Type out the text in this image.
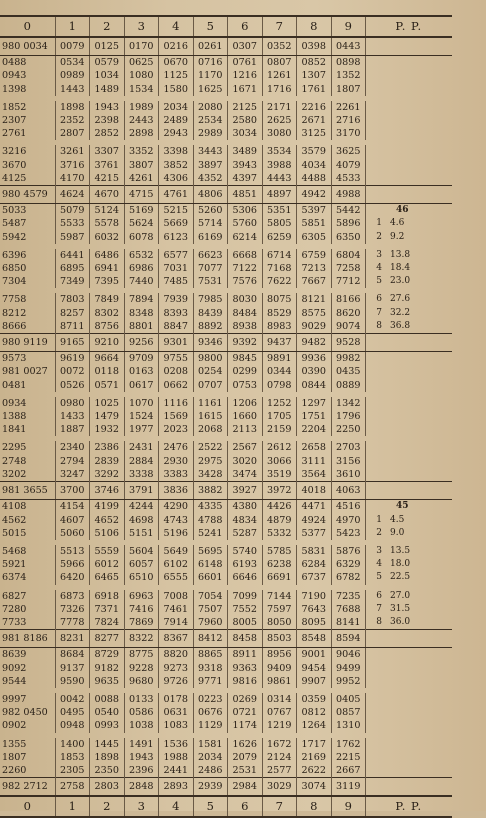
0	1	2	3	4	5	6	7	8	9	P. P.
980 0034	0079	0125	0170	0216	0261	0307	0352	0398	0443	
0488	0534	0579	0625	0670	0716	0761	0807	0852	0898	
0943	0989	1034	1080	1125	1170	1216	1261	1307	1352	
1398	1443	1489	1534	1580	1625	1671	1716	1761	1807	

1852	1898	1943	1989	2034	2080	2125	2171	2216	2261	
2307	2352	2398	2443	2489	2534	2580	2625	2671	2716	
2761	2807	2852	2898	2943	2989	3034	3080	3125	3170	

3216	3261	3307	3352	3398	3443	3489	3534	3579	3625	
3670	3716	3761	3807	3852	3897	3943	3988	4034	4079	
4125	4170	4215	4261	4306	4352	4397	4443	4488	4533	
980 4579	4624	4670	4715	4761	4806	4851	4897	4942	4988	
5033	5079	5124	5169	5215	5260	5306	5351	5397	5442	46
5487	5533	5578	5624	5669	5714	5760	5805	5851	5896	1 4.6
5942	5987	6032	6078	6123	6169	6214	6259	6305	6350	2 9.2

6396	6441	6486	6532	6577	6623	6668	6714	6759	6804	3 13.8
6850	6895	6941	6986	7031	7077	7122	7168	7213	7258	4 18.4
7304	7349	7395	7440	7485	7531	7576	7622	7667	7712	5 23.0

7758	7803	7849	7894	7939	7985	8030	8075	8121	8166	6 27.6
8212	8257	8302	8348	8393	8439	8484	8529	8575	8620	7 32.2
8666	8711	8756	8801	8847	8892	8938	8983	9029	9074	8 36.8
980 9119	9165	9210	9256	9301	9346	9392	9437	9482	9528	
9573	9619	9664	9709	9755	9800	9845	9891	9936	9982	
981 0027	0072	0118	0163	0208	0254	0299	0344	0390	0435	
0481	0526	0571	0617	0662	0707	0753	0798	0844	0889	

0934	0980	1025	1070	1116	1161	1206	1252	1297	1342	
1388	1433	1479	1524	1569	1615	1660	1705	1751	1796	
1841	1887	1932	1977	2023	2068	2113	2159	2204	2250	

2295	2340	2386	2431	2476	2522	2567	2612	2658	2703	
2748	2794	2839	2884	2930	2975	3020	3066	3111	3156	
3202	3247	3292	3338	3383	3428	3474	3519	3564	3610	
981 3655	3700	3746	3791	3836	3882	3927	3972	4018	4063	
4108	4154	4199	4244	4290	4335	4380	4426	4471	4516	45
4562	4607	4652	4698	4743	4788	4834	4879	4924	4970	1 4.5
5015	5060	5106	5151	5196	5241	5287	5332	5377	5423	2 9.0

5468	5513	5559	5604	5649	5695	5740	5785	5831	5876	3 13.5
5921	5966	6012	6057	6102	6148	6193	6238	6284	6329	4 18.0
6374	6420	6465	6510	6555	6601	6646	6691	6737	6782	5 22.5

6827	6873	6918	6963	7008	7054	7099	7144	7190	7235	6 27.0
7280	7326	7371	7416	7461	7507	7552	7597	7643	7688	7 31.5
7733	7778	7824	7869	7914	7960	8005	8050	8095	8141	8 36.0
981 8186	8231	8277	8322	8367	8412	8458	8503	8548	8594	
8639	8684	8729	8775	8820	8865	8911	8956	9001	9046	
9092	9137	9182	9228	9273	9318	9363	9409	9454	9499	
9544	9590	9635	9680	9726	9771	9816	9861	9907	9952	

9997	0042	0088	0133	0178	0223	0269	0314	0359	0405	
982 0450	0495	0540	0586	0631	0676	0721	0767	0812	0857	
0902	0948	0993	1038	1083	1129	1174	1219	1264	1310	

1355	1400	1445	1491	1536	1581	1626	1672	1717	1762	
1807	1853	1898	1943	1988	2034	2079	2124	2169	2215	
2260	2305	2350	2396	2441	2486	2531	2577	2622	2667	
982 2712	2758	2803	2848	2893	2939	2984	3029	3074	3119	
0	1	2	3	4	5	6	7	8	9	P. P.
